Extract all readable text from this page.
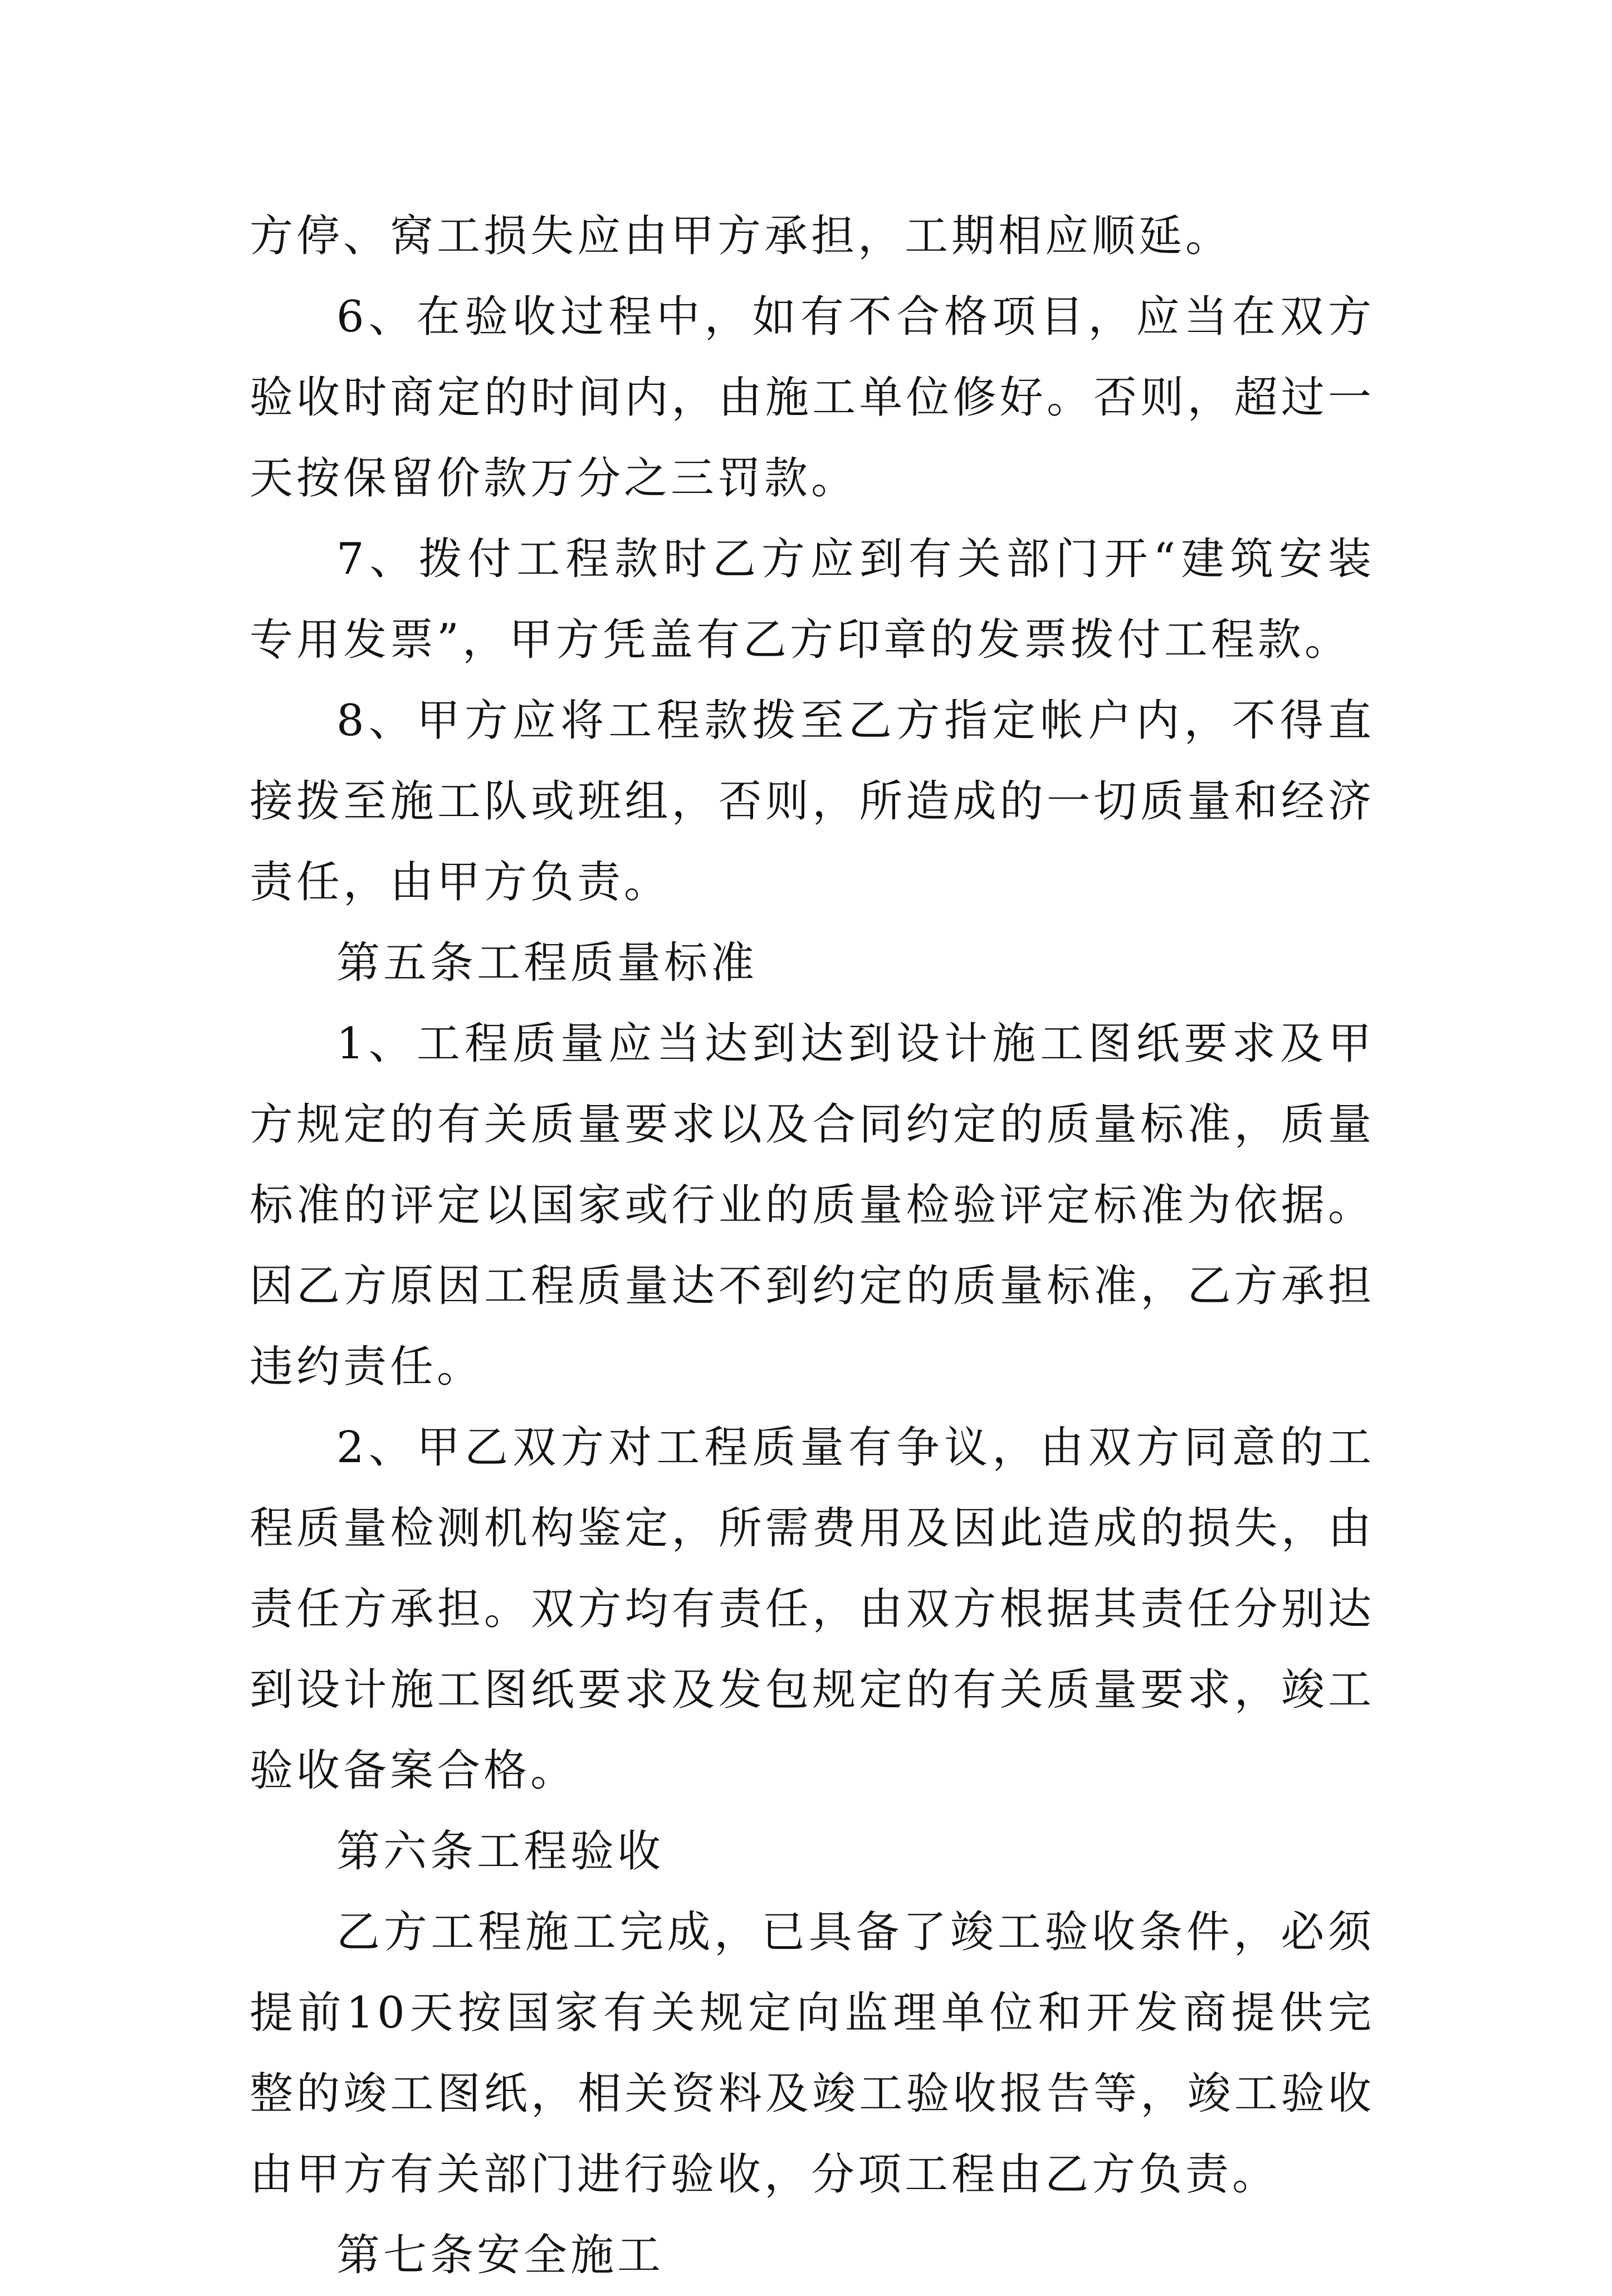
方停、窝工损失应由甲方承担，工期相应顺延。

6、在验收过程中，如有不合格项目，应当在双方验收时商定的时间内，由施工单位修好。否则，超过一天按保留价款万分之三罚款。

7、拨付工程款时乙方应到有关部门开“建筑安装专用发票”，甲方凭盖有乙方印章的发票拨付工程款。

8、甲方应将工程款拨至乙方指定帐户内，不得直接拨至施工队或班组，否则，所造成的一切质量和经济责任，由甲方负责。

第五条工程质量标准

1、工程质量应当达到达到设计施工图纸要求及甲方规定的有关质量要求以及合同约定的质量标准，质量标准的评定以国家或行业的质量检验评定标准为依据。因乙方原因工程质量达不到约定的质量标准，乙方承担违约责任。

2、甲乙双方对工程质量有争议，由双方同意的工程质量检测机构鉴定，所需费用及因此造成的损失，由责任方承担。双方均有责任，由双方根据其责任分别达到设计施工图纸要求及发包规定的有关质量要求，竣工验收备案合格。

第六条工程验收

乙方工程施工完成，已具备了竣工验收条件，必须提前10天按国家有关规定向监理单位和开发商提供完整的竣工图纸，相关资料及竣工验收报告等，竣工验收由甲方有关部门进行验收，分项工程由乙方负责。

第七条安全施工
